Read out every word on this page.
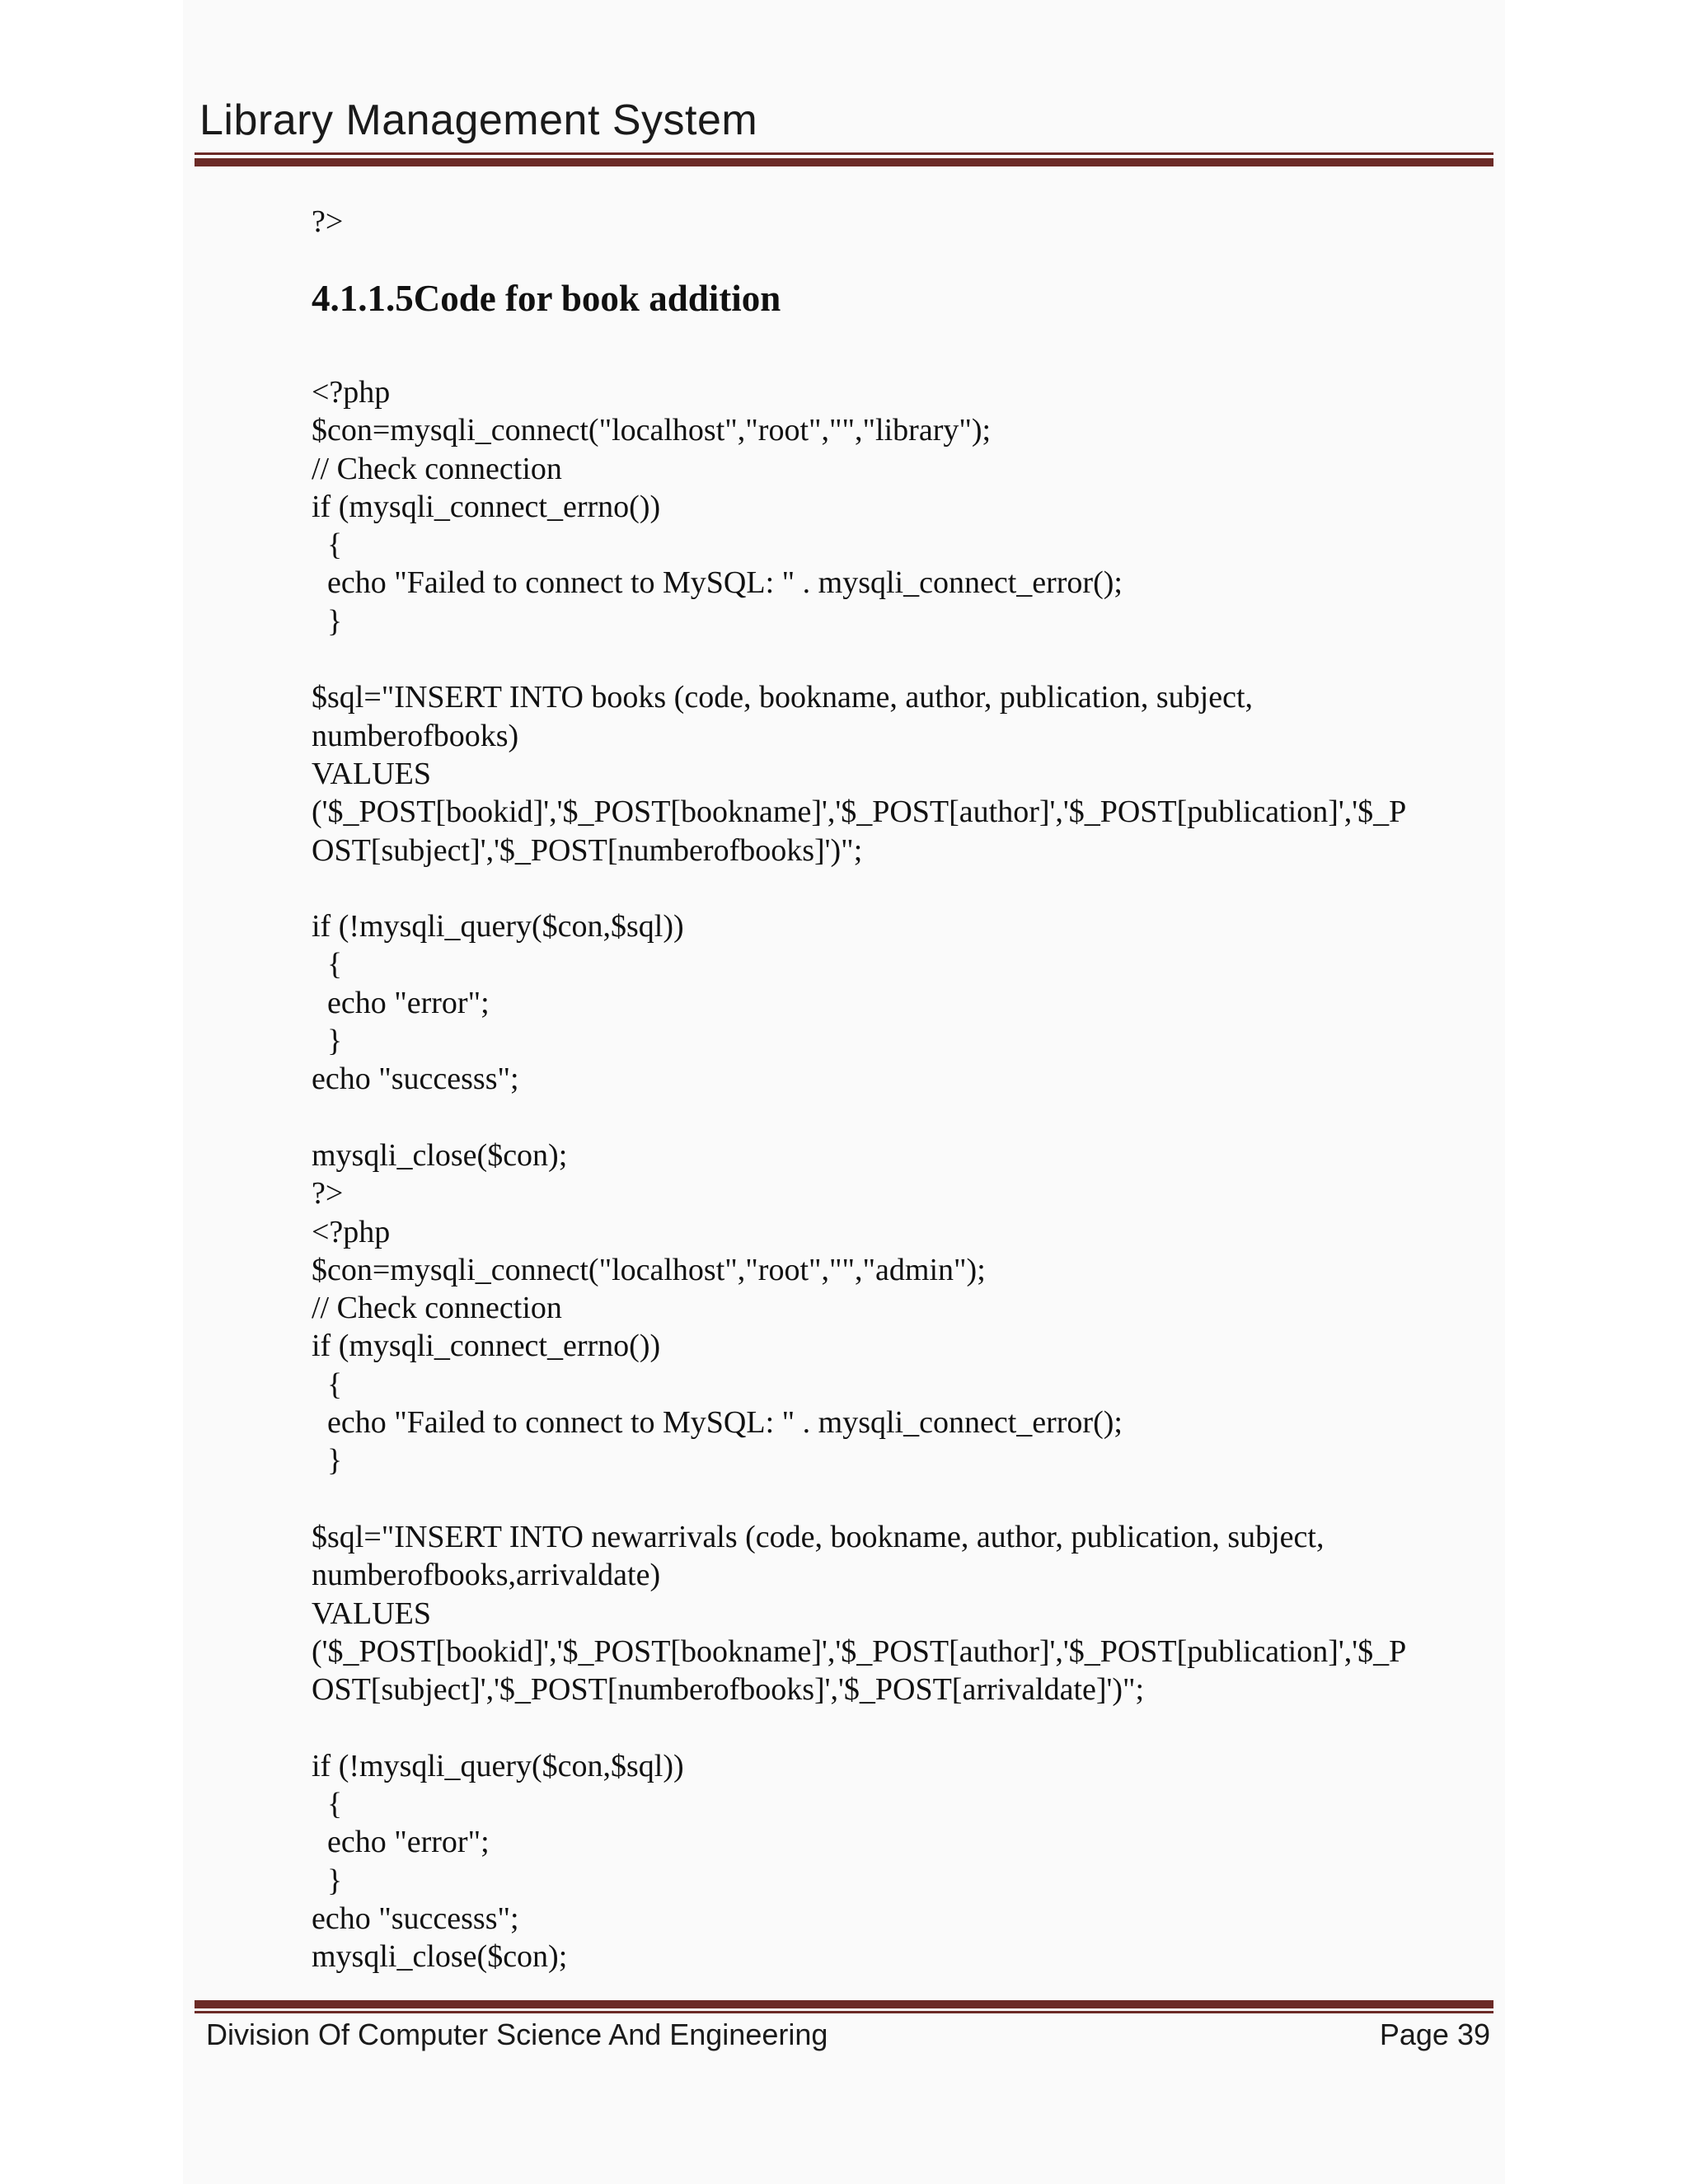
Library Management System
?>
4.1.1.5Code for book addition
<?php
$con=mysqli_connect("localhost","root","","library");
// Check connection
if (mysqli_connect_errno())
{
echo "Failed to connect to MySQL: " . mysqli_connect_error();
}
$sql="INSERT INTO books (code, bookname, author, publication, subject,
numberofbooks)
VALUES
('$_POST[bookid]','$_POST[bookname]','$_POST[author]','$_POST[publication]','$_P
OST[subject]','$_POST[numberofbooks]')";
if (!mysqli_query($con,$sql))
{
echo "error";
}
echo "successs";
mysqli_close($con);
?>
<?php
$con=mysqli_connect("localhost","root","","admin");
// Check connection
if (mysqli_connect_errno())
{
echo "Failed to connect to MySQL: " . mysqli_connect_error();
}
$sql="INSERT INTO newarrivals (code, bookname, author, publication, subject,
numberofbooks,arrivaldate)
VALUES
('$_POST[bookid]','$_POST[bookname]','$_POST[author]','$_POST[publication]','$_P
OST[subject]','$_POST[numberofbooks]','$_POST[arrivaldate]')";
if (!mysqli_query($con,$sql))
{
echo "error";
}
echo "successs";
mysqli_close($con);
Division Of Computer Science And Engineering	Page 39
